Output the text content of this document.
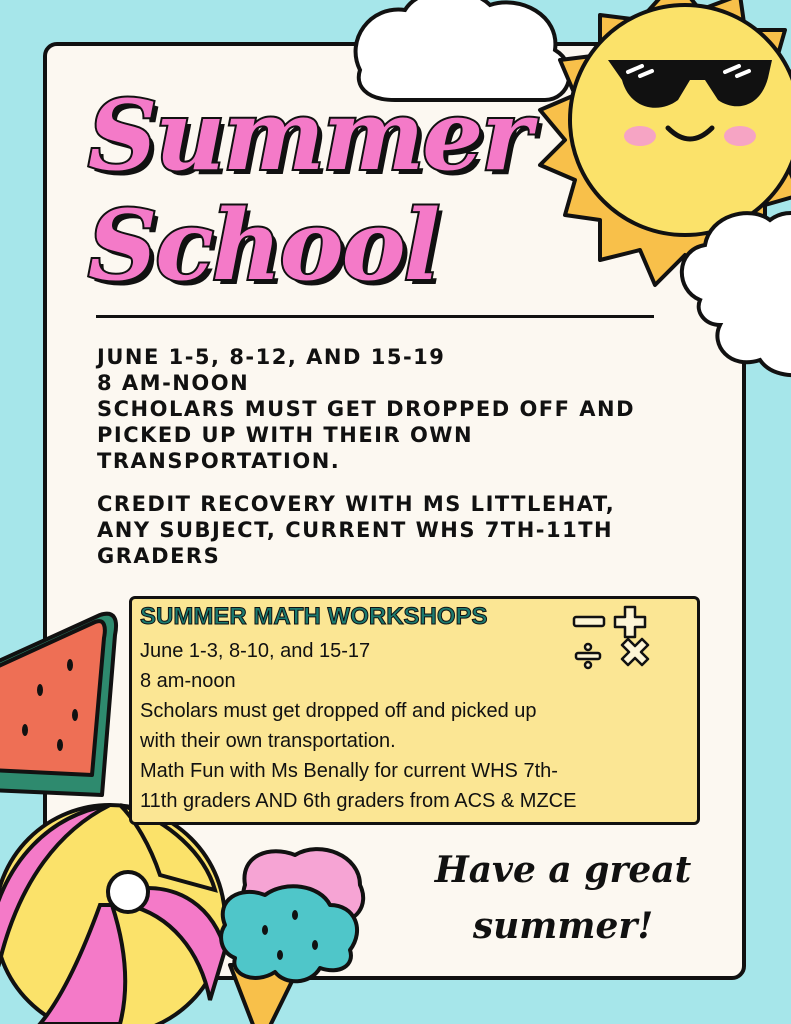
Summer
School
JUNE 1-5, 8-12, AND 15-19
8 AM-NOON
SCHOLARS MUST GET DROPPED OFF AND
PICKED UP WITH THEIR OWN
TRANSPORTATION.
CREDIT RECOVERY WITH MS LITTLEHAT,
ANY SUBJECT, CURRENT WHS 7TH-11TH
GRADERS
SUMMER MATH WORKSHOPS
June 1-3, 8-10, and 15-17
8 am-noon
Scholars must get dropped off and picked up
with their own transportation.
Math Fun with Ms Benally for current WHS 7th-
11th graders AND 6th graders from ACS & MZCE
Have a great
summer!
